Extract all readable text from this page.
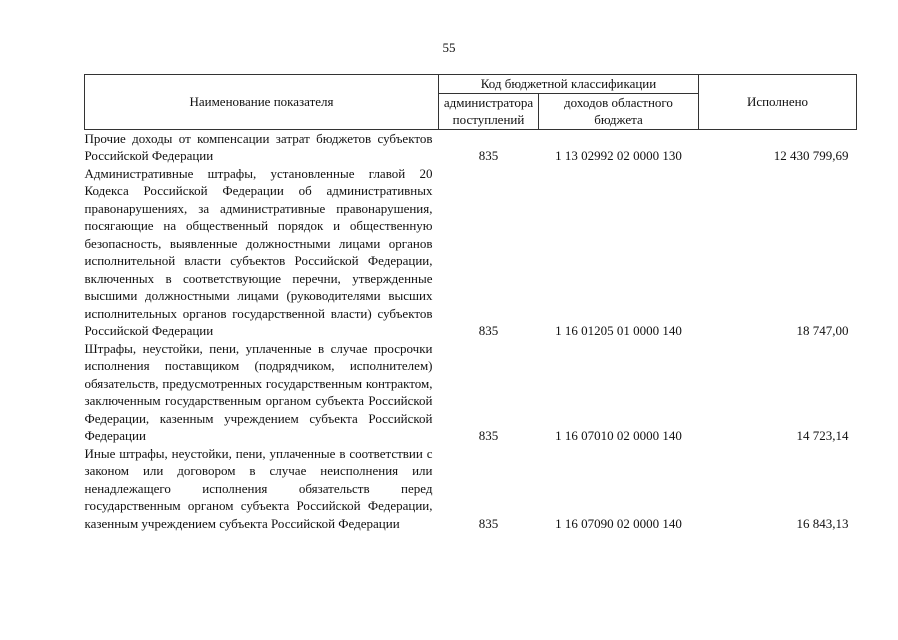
55
Наименование показателя	Код бюджетной классификации		Исполнено
	администратора поступлений	доходов областного бюджета	
Прочие доходы от компенсации затрат бюджетов субъектов Российской Федерации	835	1 13 02992 02 0000 130	12 430 799,69
Административные штрафы, установленные главой 20 Кодекса Российской Федерации об административных правонарушениях, за административные правонарушения, посягающие на общественный порядок и общественную безопасность, выявленные должностными лицами органов исполнительной власти субъектов Российской Федерации, включенных в соответствующие перечни, утвержденные высшими должностными лицами (руководителями высших исполнительных органов государственной власти) субъектов Российской Федерации	835	1 16 01205 01 0000 140	18 747,00
Штрафы, неустойки, пени, уплаченные в случае просрочки исполнения поставщиком (подрядчиком, исполнителем) обязательств, предусмотренных государственным контрактом, заключенным государственным органом субъекта Российской Федерации, казенным учреждением субъекта Российской Федерации	835	1 16 07010 02 0000 140	14 723,14
Иные штрафы, неустойки, пени, уплаченные в соответствии с законом или договором в случае неисполнения или ненадлежащего исполнения обязательств перед государственным органом субъекта Российской Федерации, казенным учреждением субъекта Российской Федерации	835	1 16 07090 02 0000 140	16 843,13
